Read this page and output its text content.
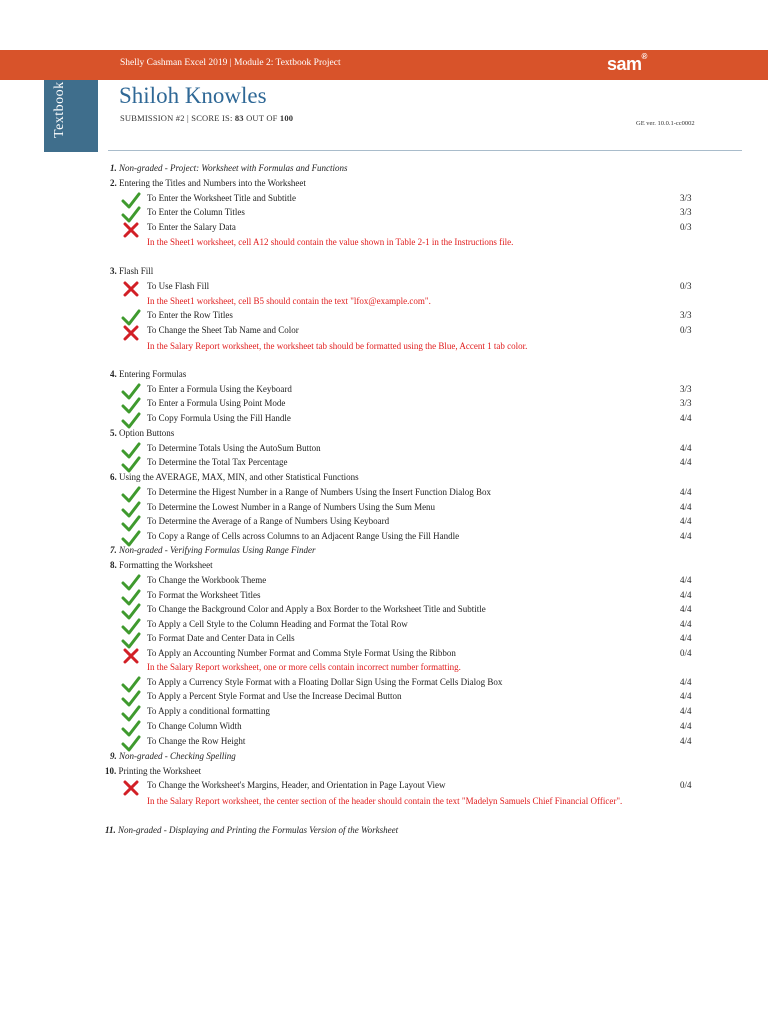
Shelly Cashman Excel 2019 | Module 2: Textbook Project	sam®
Textbook Shiloh Knowles
SUBMISSION #2 | SCORE IS: 83 OUT OF 100
GE ver. 10.0.1-cc0002
1. Non-graded - Project: Worksheet with Formulas and Functions
2. Entering the Titles and Numbers into the Worksheet
To Enter the Worksheet Title and Subtitle	3/3
To Enter the Column Titles	3/3
To Enter the Salary Data	0/3
In the Sheet1 worksheet, cell A12 should contain the value shown in Table 2-1 in the Instructions file.
3. Flash Fill
To Use Flash Fill	0/3
In the Sheet1 worksheet, cell B5 should contain the text "lfox@example.com".
To Enter the Row Titles	3/3
To Change the Sheet Tab Name and Color	0/3
In the Salary Report worksheet, the worksheet tab should be formatted using the Blue, Accent 1 tab color.
4. Entering Formulas
To Enter a Formula Using the Keyboard	3/3
To Enter a Formula Using Point Mode	3/3
To Copy Formula Using the Fill Handle	4/4
5. Option Buttons
To Determine Totals Using the AutoSum Button	4/4
To Determine the Total Tax Percentage	4/4
6. Using the AVERAGE, MAX, MIN, and other Statistical Functions
To Determine the Higest Number in a Range of Numbers Using the Insert Function Dialog Box	4/4
To Determine the Lowest Number in a Range of Numbers Using the Sum Menu	4/4
To Determine the Average of a Range of Numbers Using Keyboard	4/4
To Copy a Range of Cells across Columns to an Adjacent Range Using the Fill Handle	4/4
7. Non-graded - Verifying Formulas Using Range Finder
8. Formatting the Worksheet
To Change the Workbook Theme	4/4
To Format the Worksheet Titles	4/4
To Change the Background Color and Apply a Box Border to the Worksheet Title and Subtitle	4/4
To Apply a Cell Style to the Column Heading and Format the Total Row	4/4
To Format Date and Center Data in Cells	4/4
To Apply an Accounting Number Format and Comma Style Format Using the Ribbon	0/4
In the Salary Report worksheet, one or more cells contain incorrect number formatting.
To Apply a Currency Style Format with a Floating Dollar Sign Using the Format Cells Dialog Box	4/4
To Apply a Percent Style Format and Use the Increase Decimal Button	4/4
To Apply a conditional formatting	4/4
To Change Column Width	4/4
To Change the Row Height	4/4
9. Non-graded - Checking Spelling
10. Printing the Worksheet
To Change the Worksheet's Margins, Header, and Orientation in Page Layout View	0/4
In the Salary Report worksheet, the center section of the header should contain the text "Madelyn Samuels Chief Financial Officer".
11. Non-graded - Displaying and Printing the Formulas Version of the Worksheet
